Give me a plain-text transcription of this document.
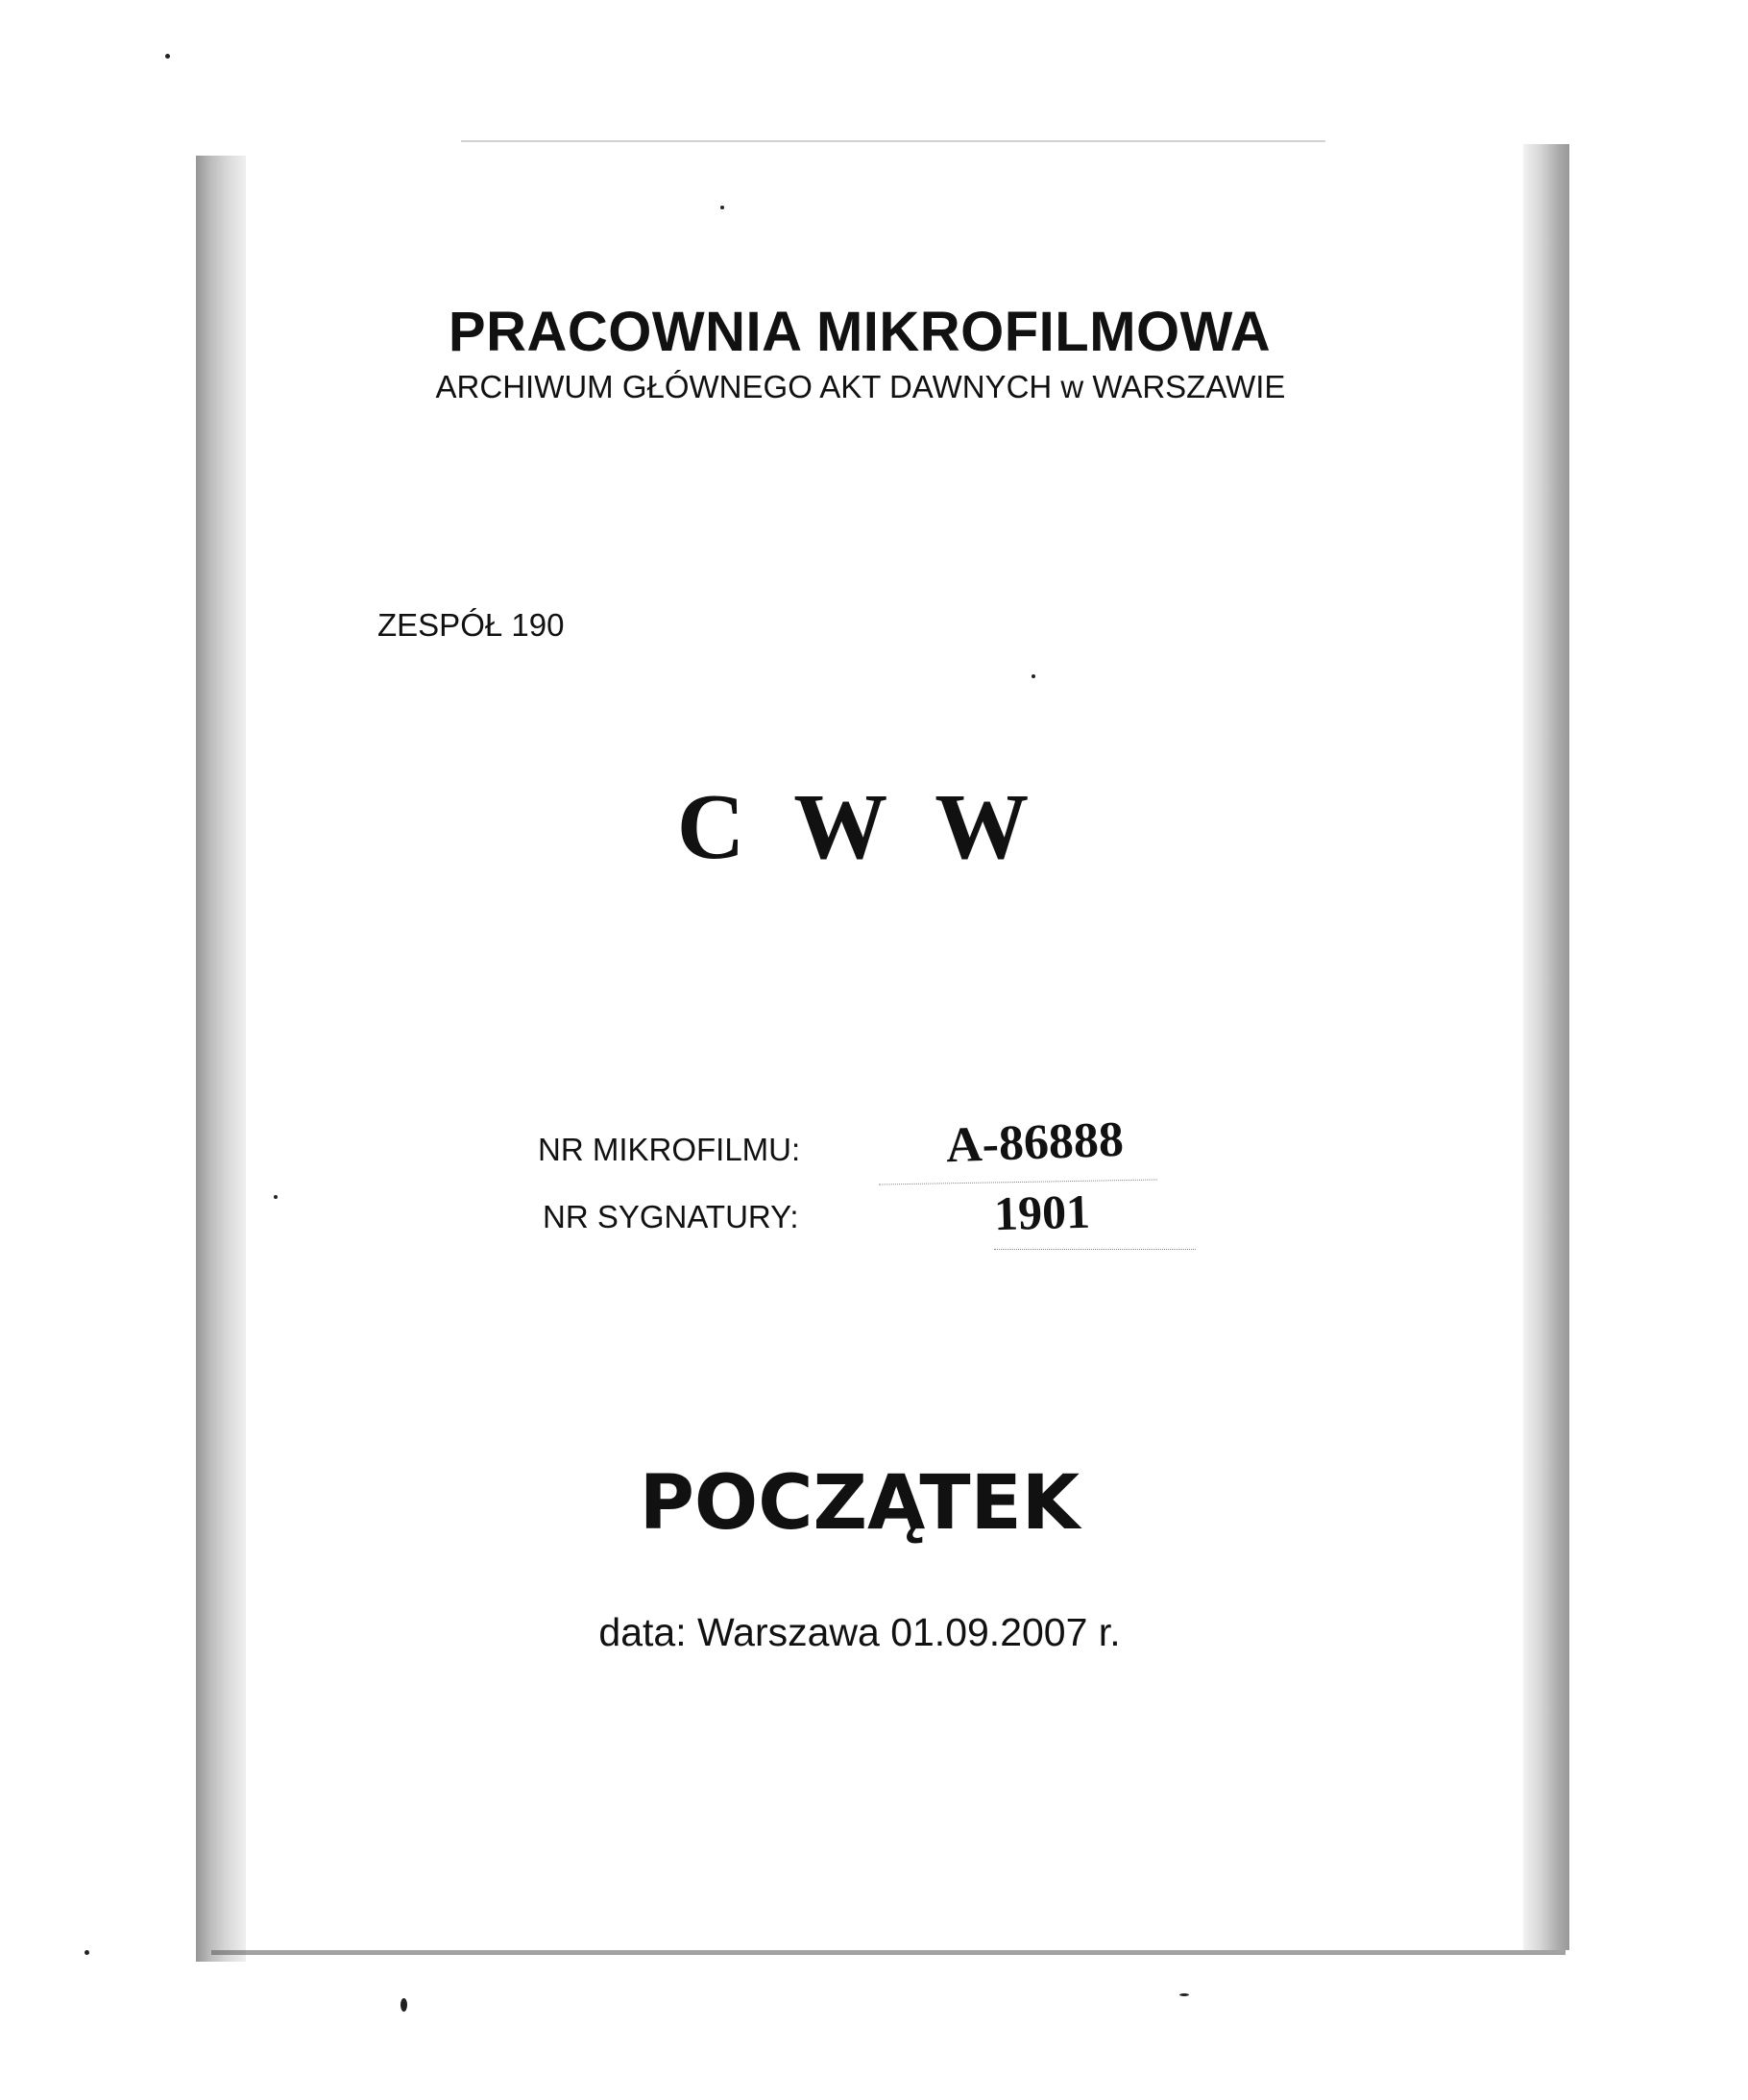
PRACOWNIA MIKROFILMOWA
ARCHIWUM GŁÓWNEGO AKT DAWNYCH w WARSZAWIE
ZESPÓŁ 190
C W W
NR MIKROFILMU:	A-86888
NR SYGNATURY:	1901
POCZĄTEK
data: Warszawa 01.09.2007 r.
